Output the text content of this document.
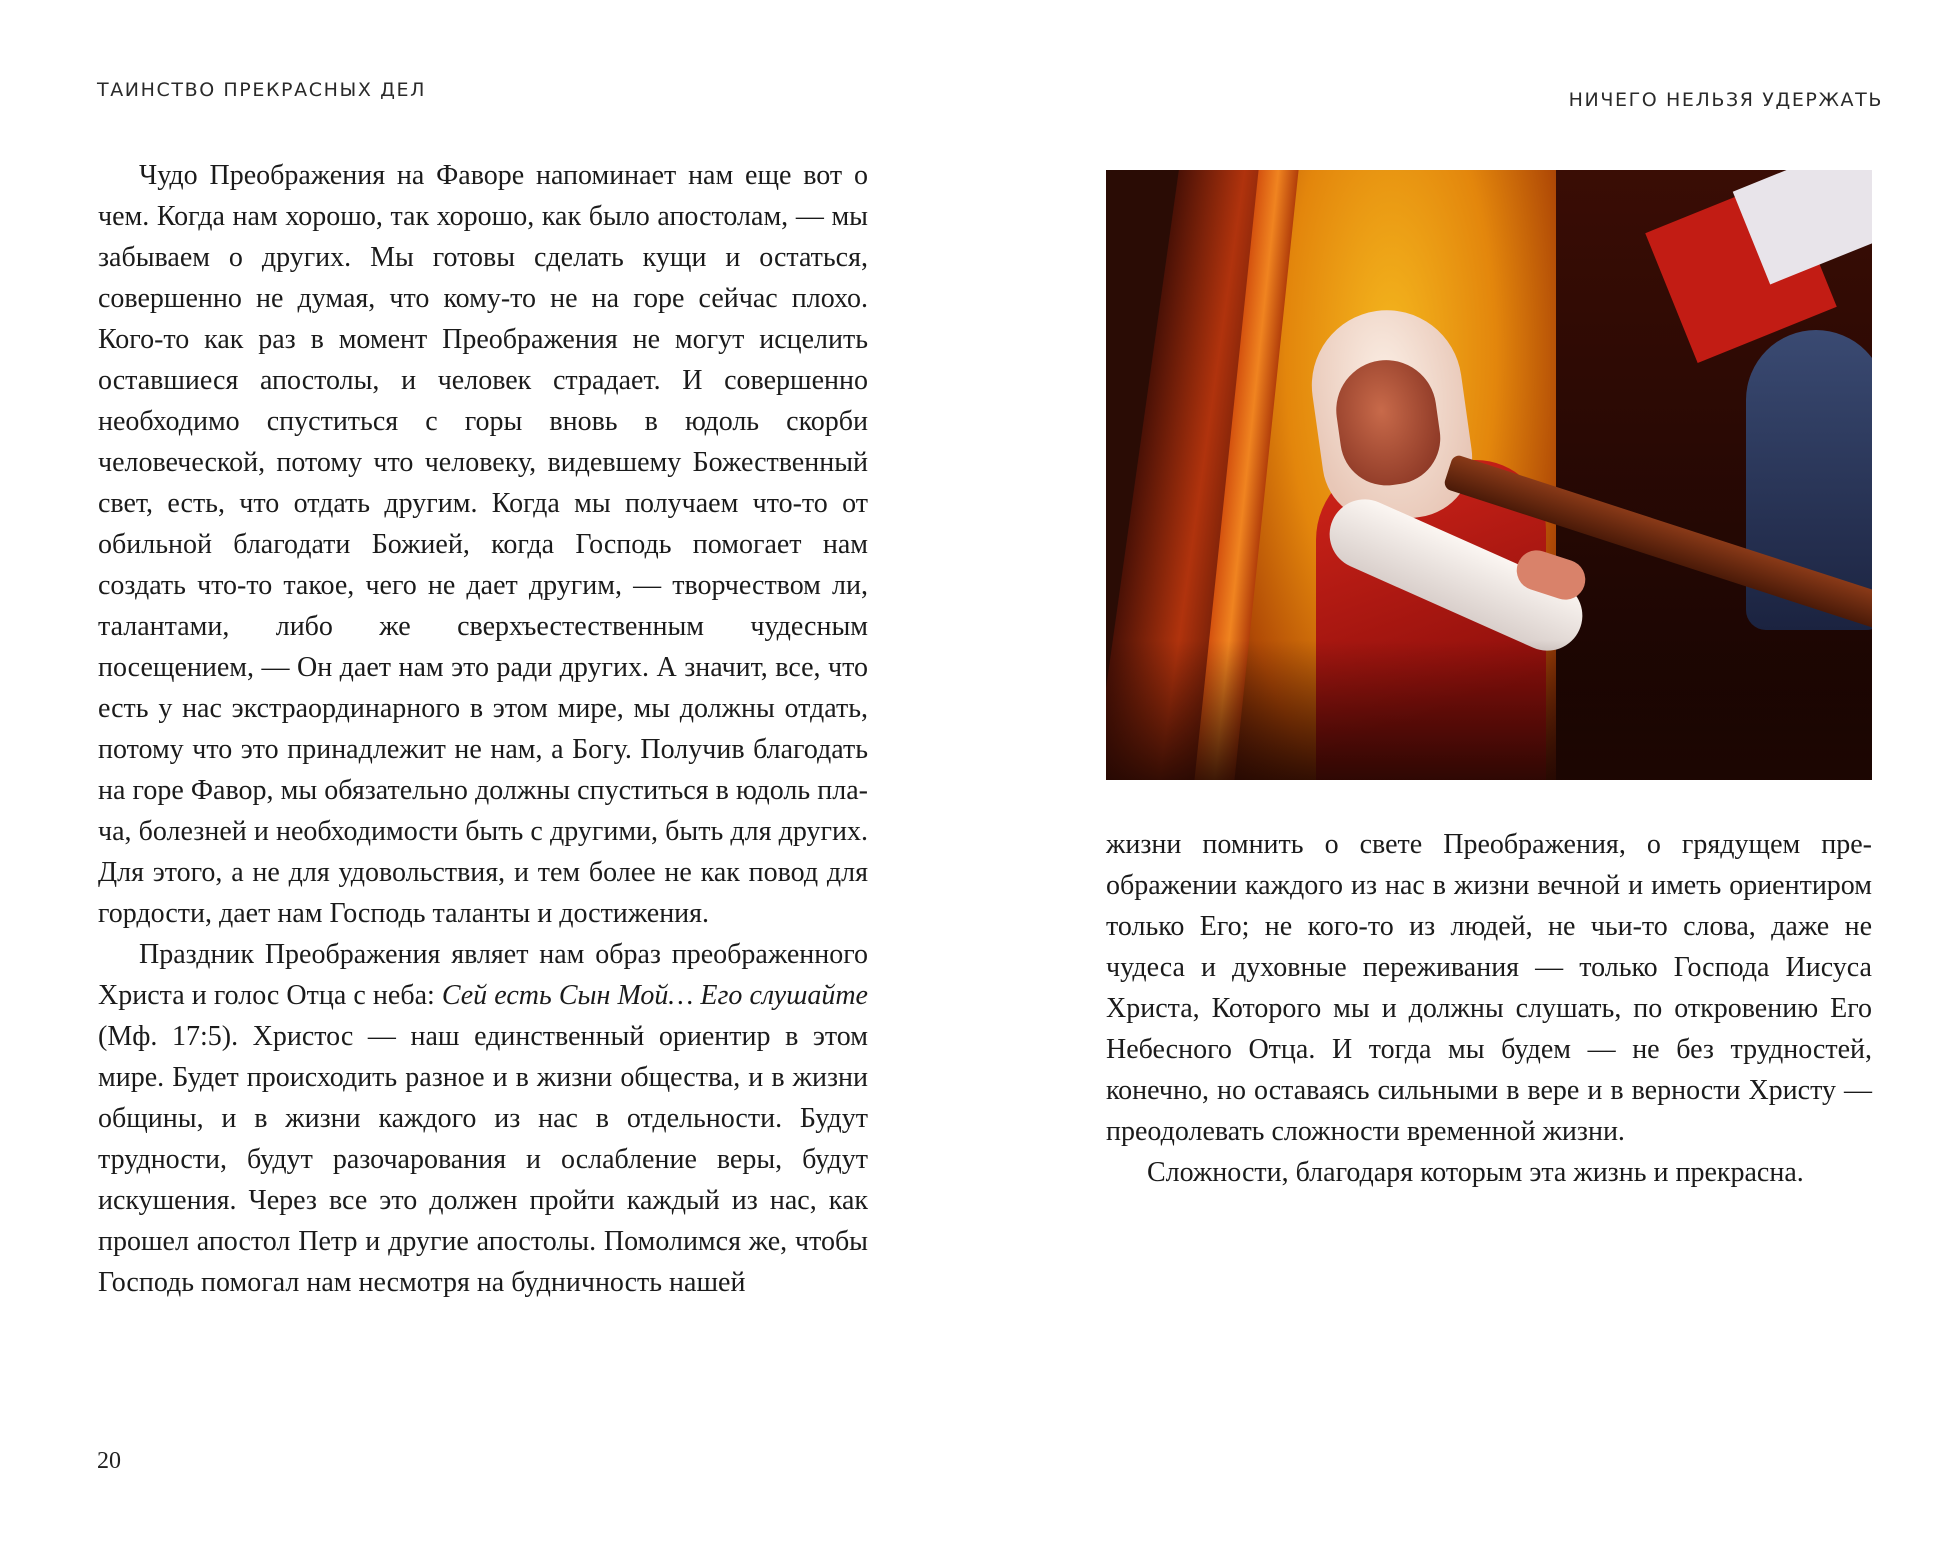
ТАИНСТВО ПРЕКРАСНЫХ ДЕЛ	НИЧЕГО НЕЛЬЗЯ УДЕРЖАТЬ

Чудо Преображения на Фаворе напоминает нам еще вот о чем. Когда нам хорошо, так хорошо, как было апостолам, — мы забываем о других. Мы готовы сделать кущи и остаться, совершенно не думая, что кому-то не на горе сейчас плохо. Кого-то как раз в момент Преображения не могут исцелить оставшиеся апостолы, и человек страдает. И совершенно необходимо спуститься с горы вновь в юдоль скорби человеческой, потому что человеку, видевшему Божественный свет, есть, что отдать другим. Когда мы получаем что-то от обильной благодати Божией, когда Господь помогает нам создать что-то такое, чего не дает другим, — творчеством ли, талантами, либо же сверхъестественным чудесным посещением, — Он дает нам это ради других. А значит, все, что есть у нас экстраординарного в этом мире, мы должны отдать, потому что это принадлежит не нам, а Богу. Получив благодать на горе Фавор, мы обязательно должны спуститься в юдоль плача, болезней и необходимости быть с другими, быть для других. Для этого, а не для удовольствия, и тем более не как повод для гордости, дает нам Господь таланты и достижения.

Праздник Преображения являет нам образ преображенного Христа и голос Отца с неба: Сей есть Сын Мой… Его слушайте (Мф. 17:5). Христос — наш единственный ориентир в этом мире. Будет происходить разное и в жизни общества, и в жизни общины, и в жизни каждого из нас в отдельности. Будут трудности, будут разочарования и ослабление веры, будут искушения. Через все это должен пройти каждый из нас, как прошел апостол Петр и другие апостолы. Помолимся же, чтобы Господь помогал нам несмотря на будничность нашей

20

жизни помнить о свете Преображения, о грядущем преображении каждого из нас в жизни вечной и иметь ориентиром только Его; не кого-то из людей, не чьи-то слова, даже не чудеса и духовные переживания — только Господа Иисуса Христа, Которого мы и должны слушать, по откровению Его Небесного Отца. И тогда мы будем — не без трудностей, конечно, но оставаясь сильными в вере и в верности Христу — преодолевать сложности временной жизни.

Сложности, благодаря которым эта жизнь и прекрасна.
